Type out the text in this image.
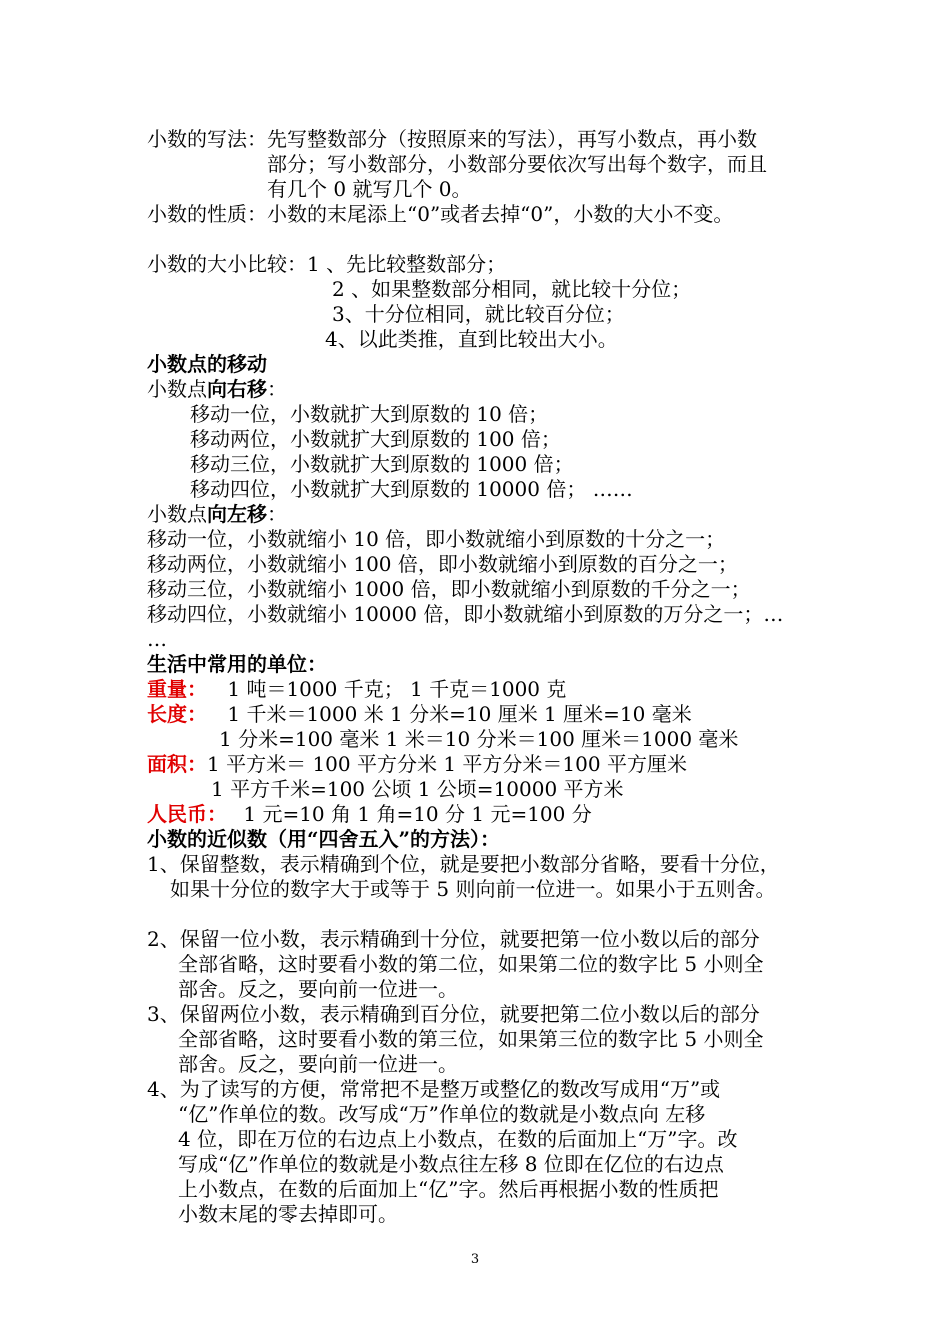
小数的写法：先写整数部分（按照原来的写法），再写小数点，再小数
部分；写小数部分，小数部分要依次写出每个数字，而且
有几个 0 就写几个 0。
小数的性质：小数的末尾添上“0”或者去掉“0”，小数的大小不变。
小数的大小比较：1 、先比较整数部分；
2 、如果整数部分相同，就比较十分位；
3、十分位相同，就比较百分位；
4、以此类推，直到比较出大小。
小数点的移动
小数点向右移：
移动一位，小数就扩大到原数的 10 倍；
移动两位，小数就扩大到原数的 100 倍；
移动三位，小数就扩大到原数的 1000 倍；
移动四位，小数就扩大到原数的 10000 倍； ……
小数点向左移：
移动一位，小数就缩小 10 倍，即小数就缩小到原数的十分之一；
移动两位，小数就缩小 100 倍，即小数就缩小到原数的百分之一；
移动三位，小数就缩小 1000 倍，即小数就缩小到原数的千分之一；
移动四位，小数就缩小 10000 倍，即小数就缩小到原数的万分之一；…
…
生活中常用的单位：
重量： 1 吨＝1000 千克； 1 千克＝1000 克
长度： 1 千米＝1000 米 1 分米=10 厘米 1 厘米=10 毫米
1 分米=100 毫米 1 米＝10 分米＝100 厘米＝1000 毫米
面积：1 平方米＝ 100 平方分米 1 平方分米＝100 平方厘米
1 平方千米=100 公顷 1 公顷=10000 平方米
人民币： 1 元=10 角 1 角=10 分 1 元=100 分
小数的近似数（用“四舍五入”的方法）：
1、保留整数，表示精确到个位，就是要把小数部分省略，要看十分位，
如果十分位的数字大于或等于 5 则向前一位进一。如果小于五则舍。
2、保留一位小数，表示精确到十分位，就要把第一位小数以后的部分
全部省略，这时要看小数的第二位，如果第二位的数字比 5 小则全
部舍。反之，要向前一位进一。
3、保留两位小数，表示精确到百分位，就要把第二位小数以后的部分
全部省略，这时要看小数的第三位，如果第三位的数字比 5 小则全
部舍。反之，要向前一位进一。
4、为了读写的方便，常常把不是整万或整亿的数改写成用“万”或
“亿”作单位的数。改写成“万”作单位的数就是小数点向 左移
4 位，即在万位的右边点上小数点，在数的后面加上“万”字。改
写成“亿”作单位的数就是小数点往左移 8 位即在亿位的右边点
上小数点，在数的后面加上“亿”字。然后再根据小数的性质把
小数末尾的零去掉即可。
3
